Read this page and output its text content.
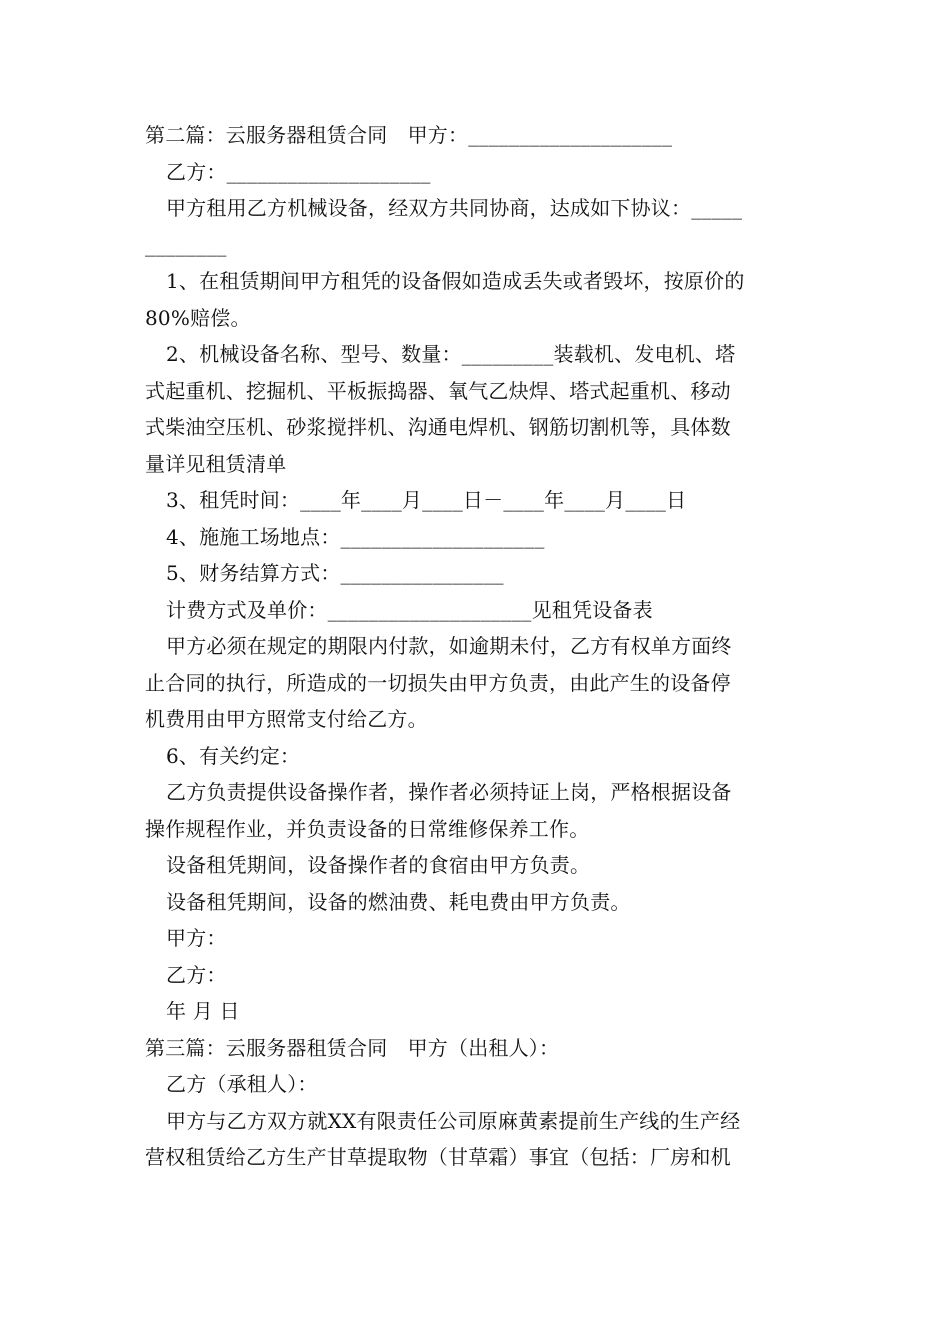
第二篇：云服务器租赁合同　甲方：____________________
乙方：____________________
甲方租用乙方机械设备，经双方共同协商，达成如下协议：_____
________
1、在租赁期间甲方租凭的设备假如造成丢失或者毁坏，按原价的
80%赔偿。
2、机械设备名称、型号、数量：_________装载机、发电机、塔
式起重机、挖掘机、平板振捣器、氧气乙炔焊、塔式起重机、移动
式柴油空压机、砂浆搅拌机、沟通电焊机、钢筋切割机等，具体数
量详见租赁清单
3、租凭时间：____年____月____日－____年____月____日
4、施施工场地点：____________________
5、财务结算方式：________________
计费方式及单价：____________________见租凭设备表
甲方必须在规定的期限内付款，如逾期未付，乙方有权单方面终
止合同的执行，所造成的一切损失由甲方负责，由此产生的设备停
机费用由甲方照常支付给乙方。
6、有关约定：
乙方负责提供设备操作者，操作者必须持证上岗，严格根据设备
操作规程作业，并负责设备的日常维修保养工作。
设备租凭期间，设备操作者的食宿由甲方负责。
设备租凭期间，设备的燃油费、耗电费由甲方负责。
甲方：
乙方：
年 月 日
第三篇：云服务器租赁合同　甲方（出租人）：
乙方（承租人）：
甲方与乙方双方就XX有限责任公司原麻黄素提前生产线的生产经
营权租赁给乙方生产甘草提取物（甘草霜）事宜（包括：厂房和机
